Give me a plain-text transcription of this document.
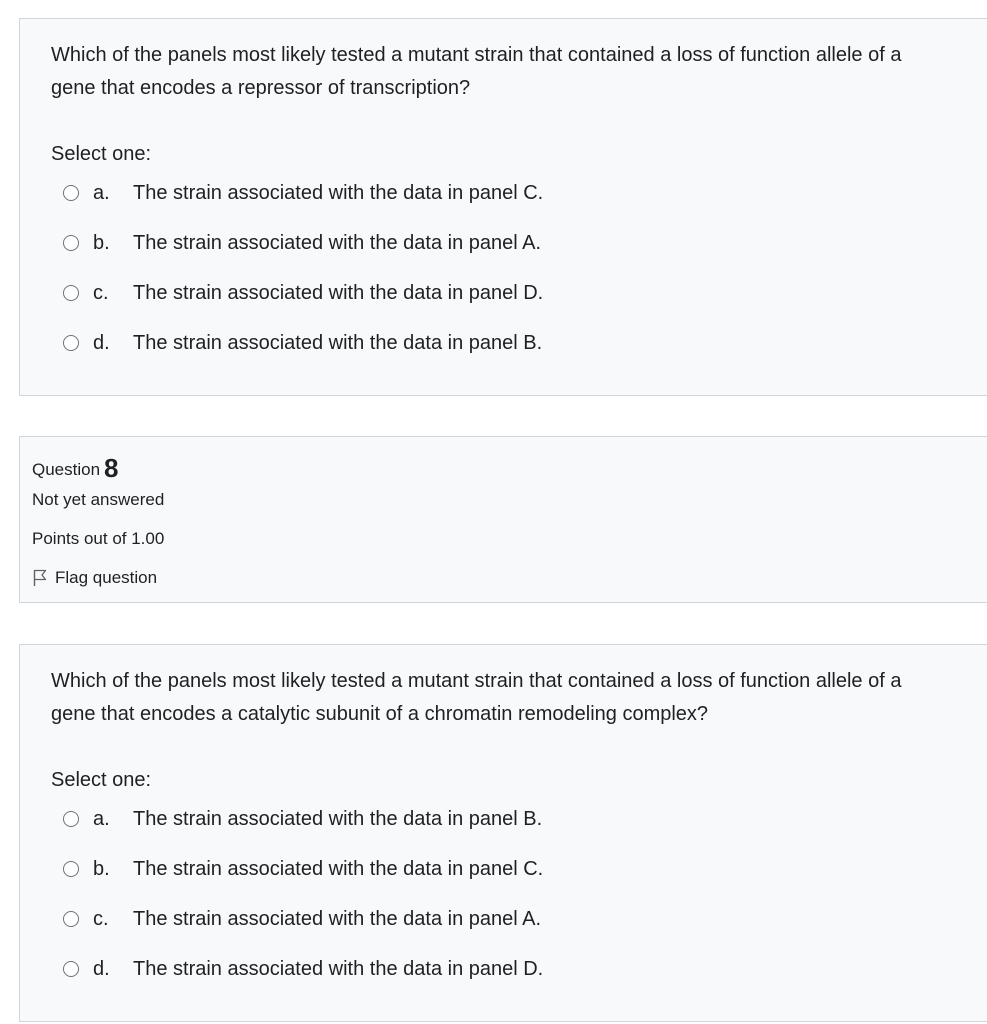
Which of the panels most likely tested a mutant strain that contained a loss of function allele of a gene that encodes a repressor of transcription?
Select one:
a.	The strain associated with the data in panel C.
b.	The strain associated with the data in panel A.
c.	The strain associated with the data in panel D.
d.	The strain associated with the data in panel B.
Question 8
Not yet answered
Points out of 1.00
Flag question
Which of the panels most likely tested a mutant strain that contained a loss of function allele of a gene that encodes a catalytic subunit of a chromatin remodeling complex?
Select one:
a.	The strain associated with the data in panel B.
b.	The strain associated with the data in panel C.
c.	The strain associated with the data in panel A.
d.	The strain associated with the data in panel D.
